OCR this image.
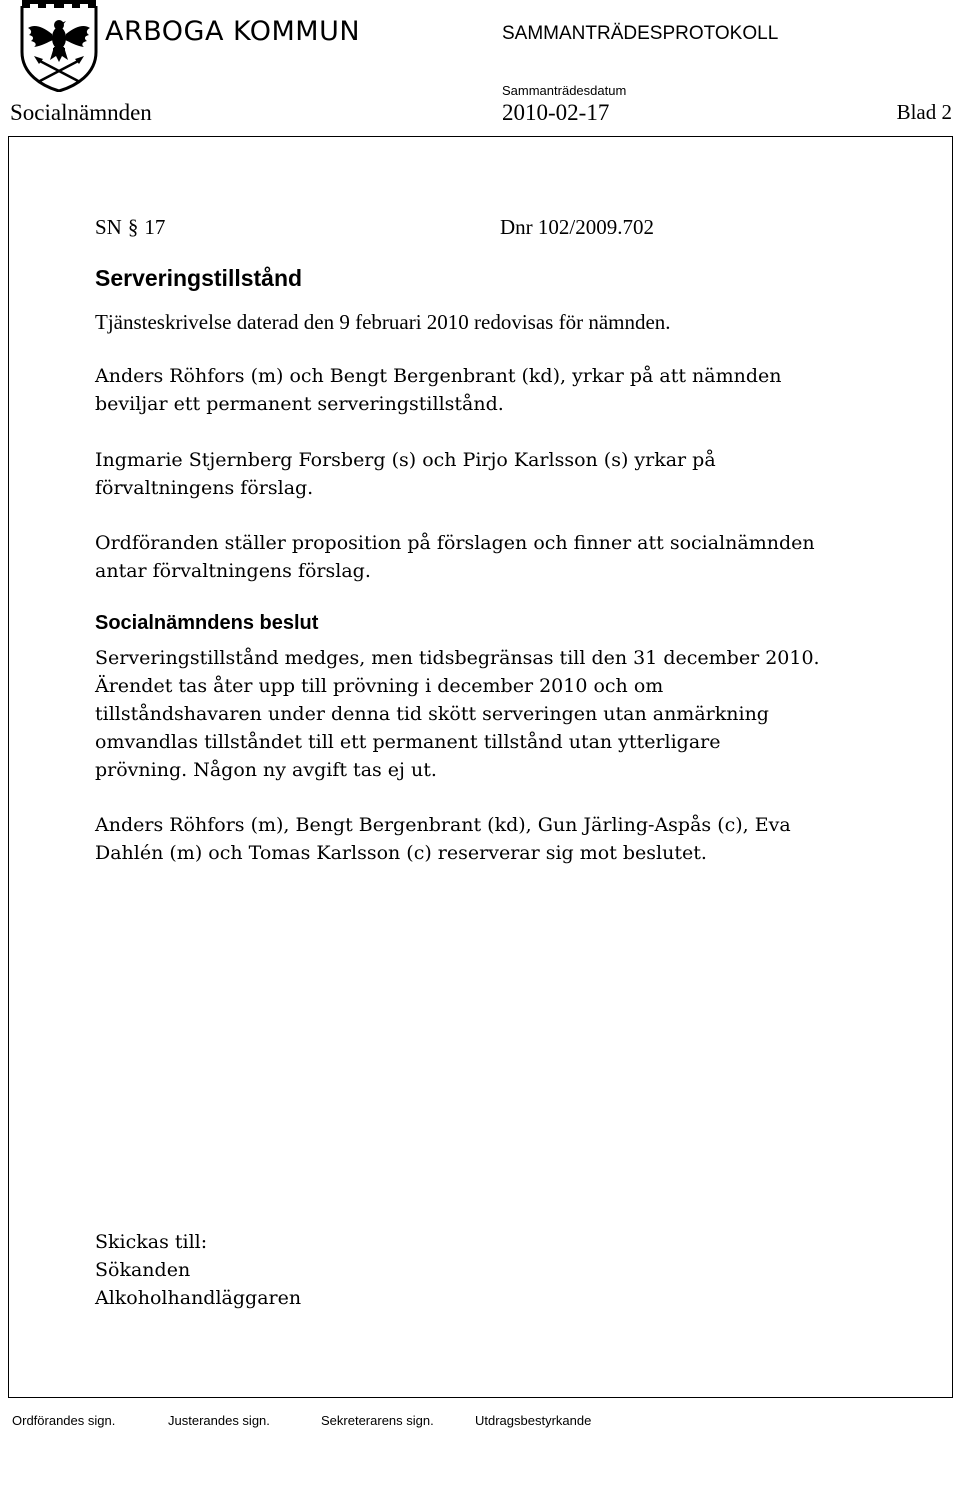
ARBOGA KOMMUN	SAMMANTRÄDESPROTOKOLL
Sammanträdesdatum
Socialnämnden	2010-02-17	Blad 2
SN § 17	Dnr 102/2009.702
Serveringstillstånd
Tjänsteskrivelse daterad den 9 februari 2010 redovisas för nämnden.
Anders Röhfors (m) och Bengt Bergenbrant (kd), yrkar på att nämnden
beviljar ett permanent serveringstillstånd.
Ingmarie Stjernberg Forsberg (s) och Pirjo Karlsson (s) yrkar på
förvaltningens förslag.
Ordföranden ställer proposition på förslagen och finner att socialnämnden
antar förvaltningens förslag.
Socialnämndens beslut
Serveringstillstånd medges, men tidsbegränsas till den 31 december 2010.
Ärendet tas åter upp till prövning i december 2010 och om
tillståndshavaren under denna tid skött serveringen utan anmärkning
omvandlas tillståndet till ett permanent tillstånd utan ytterligare
prövning. Någon ny avgift tas ej ut.
Anders Röhfors (m), Bengt Bergenbrant (kd), Gun Järling-Aspås (c), Eva
Dahlén (m) och Tomas Karlsson (c) reserverar sig mot beslutet.
Skickas till:
Sökanden
Alkoholhandläggaren
Ordförandes sign.	Justerandes sign.	Sekreterarens sign.	Utdragsbestyrkande
